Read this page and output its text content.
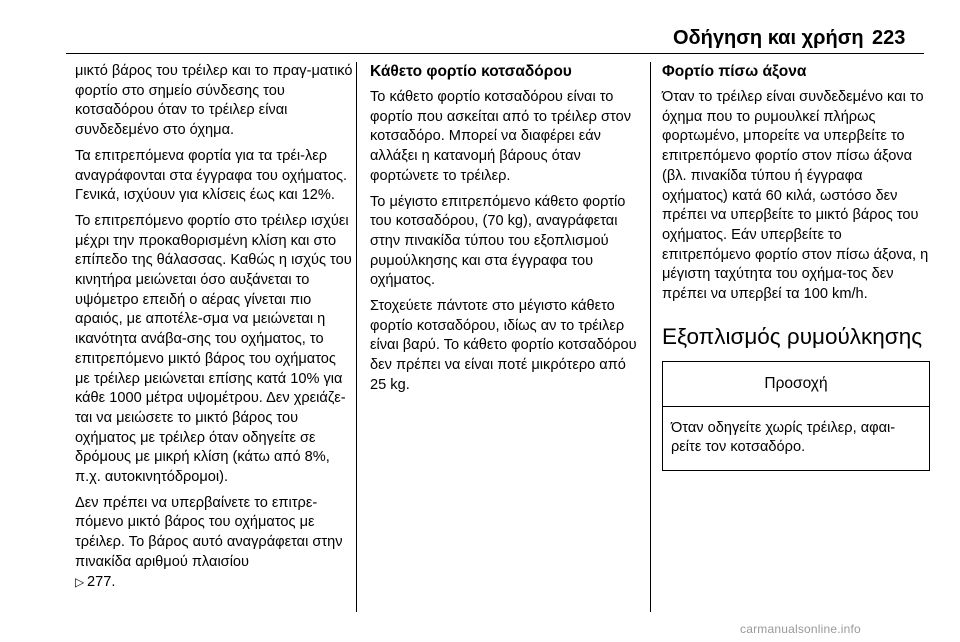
Οδήγηση και χρήση 223

μικτό βάρος του τρέιλερ και το πραγ-ματικό φορτίο στο σημείο σύνδεσης του κοτσαδόρου όταν το τρέιλερ είναι συνδεδεμένο στο όχημα.

Τα επιτρεπόμενα φορτία για τα τρέι-λερ αναγράφονται στα έγγραφα του οχήματος. Γενικά, ισχύουν για κλίσεις έως και 12%.

Το επιτρεπόμενο φορτίο στο τρέιλερ ισχύει μέχρι την προκαθορισμένη κλίση και στο επίπεδο της θάλασσας. Καθώς η ισχύς του κινητήρα μειώνεται όσο αυξάνεται το υψόμετρο επειδή ο αέρας γίνεται πιο αραιός, με αποτέλε-σμα να μειώνεται η ικανότητα ανάβα-σης του οχήματος, το επιτρεπόμενο μικτό βάρος του οχήματος με τρέιλερ μειώνεται επίσης κατά 10% για κάθε 1000 μέτρα υψομέτρου. Δεν χρειάζε-ται να μειώσετε το μικτό βάρος του οχήματος με τρέιλερ όταν οδηγείτε σε δρόμους με μικρή κλίση (κάτω από 8%, π.χ. αυτοκινητόδρομοι).

Δεν πρέπει να υπερβαίνετε το επιτρε-πόμενο μικτό βάρος του οχήματος με τρέιλερ. Το βάρος αυτό αναγράφεται στην πινακίδα αριθμού πλαισίου
▷ 277.

Κάθετο φορτίο κοτσαδόρου

Το κάθετο φορτίο κοτσαδόρου είναι το φορτίο που ασκείται από το τρέιλερ στον κοτσαδόρο. Μπορεί να διαφέρει εάν αλλάξει η κατανομή βάρους όταν φορτώνετε το τρέιλερ.

Το μέγιστο επιτρεπόμενο κάθετο φορτίο του κοτσαδόρου, (70 kg), αναγράφεται στην πινακίδα τύπου του εξοπλισμού ρυμούλκησης και στα έγγραφα του οχήματος.

Στοχεύετε πάντοτε στο μέγιστο κάθετο φορτίο κοτσαδόρου, ιδίως αν το τρέιλερ είναι βαρύ. Το κάθετο φορτίο κοτσαδόρου δεν πρέπει να είναι ποτέ μικρότερο από 25 kg.

Φορτίο πίσω άξονα

Όταν το τρέιλερ είναι συνδεδεμένο και το όχημα που το ρυμουλκεί πλήρως φορτωμένο, μπορείτε να υπερβείτε το επιτρεπόμενο φορτίο στον πίσω άξονα (βλ. πινακίδα τύπου ή έγγραφα οχήματος) κατά 60 κιλά, ωστόσο δεν πρέπει να υπερβείτε το μικτό βάρος του οχήματος. Εάν υπερβείτε το επιτρεπόμενο φορτίο στον πίσω άξονα, η μέγιστη ταχύτητα του οχήμα-τος δεν πρέπει να υπερβεί τα 100 km/h.

Εξοπλισμός ρυμούλκησης
Προσοχή
Όταν οδηγείτε χωρίς τρέιλερ, αφαι-ρείτε τον κοτσαδόρο.
carmanualsonline.info
